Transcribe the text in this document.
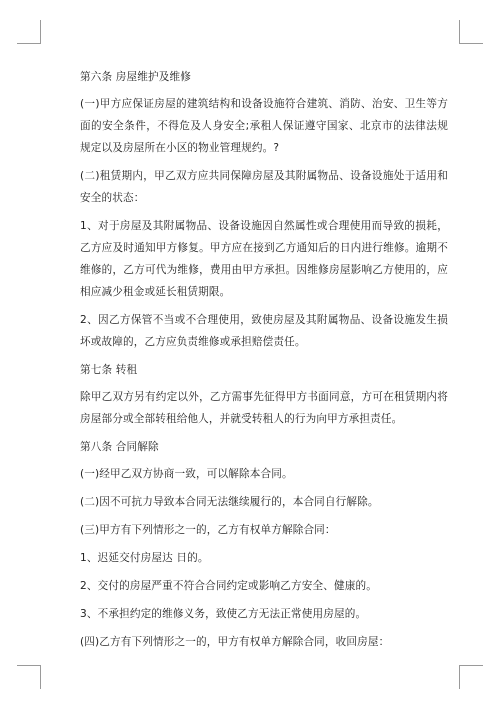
第六条 房屋维护及维修

(一)甲方应保证房屋的建筑结构和设备设施符合建筑、消防、治安、卫生等方面的安全条件，不得危及人身安全;承租人保证遵守国家、北京市的法律法规规定以及房屋所在小区的物业管理规约。?

(二)租赁期内，甲乙双方应共同保障房屋及其附属物品、设备设施处于适用和安全的状态：

1、对于房屋及其附属物品、设备设施因自然属性或合理使用而导致的损耗，乙方应及时通知甲方修复。甲方应在接到乙方通知后的日内进行维修。逾期不维修的，乙方可代为维修，费用由甲方承担。因维修房屋影响乙方使用的，应相应减少租金或延长租赁期限。

2、因乙方保管不当或不合理使用，致使房屋及其附属物品、设备设施发生损坏或故障的，乙方应负责维修或承担赔偿责任。

第七条 转租

除甲乙双方另有约定以外，乙方需事先征得甲方书面同意，方可在租赁期内将房屋部分或全部转租给他人，并就受转租人的行为向甲方承担责任。

第八条 合同解除

(一)经甲乙双方协商一致，可以解除本合同。

(二)因不可抗力导致本合同无法继续履行的，本合同自行解除。

(三)甲方有下列情形之一的，乙方有权单方解除合同：

1、迟延交付房屋达 日的。

2、交付的房屋严重不符合合同约定或影响乙方安全、健康的。

3、不承担约定的维修义务，致使乙方无法正常使用房屋的。

(四)乙方有下列情形之一的，甲方有权单方解除合同，收回房屋：
